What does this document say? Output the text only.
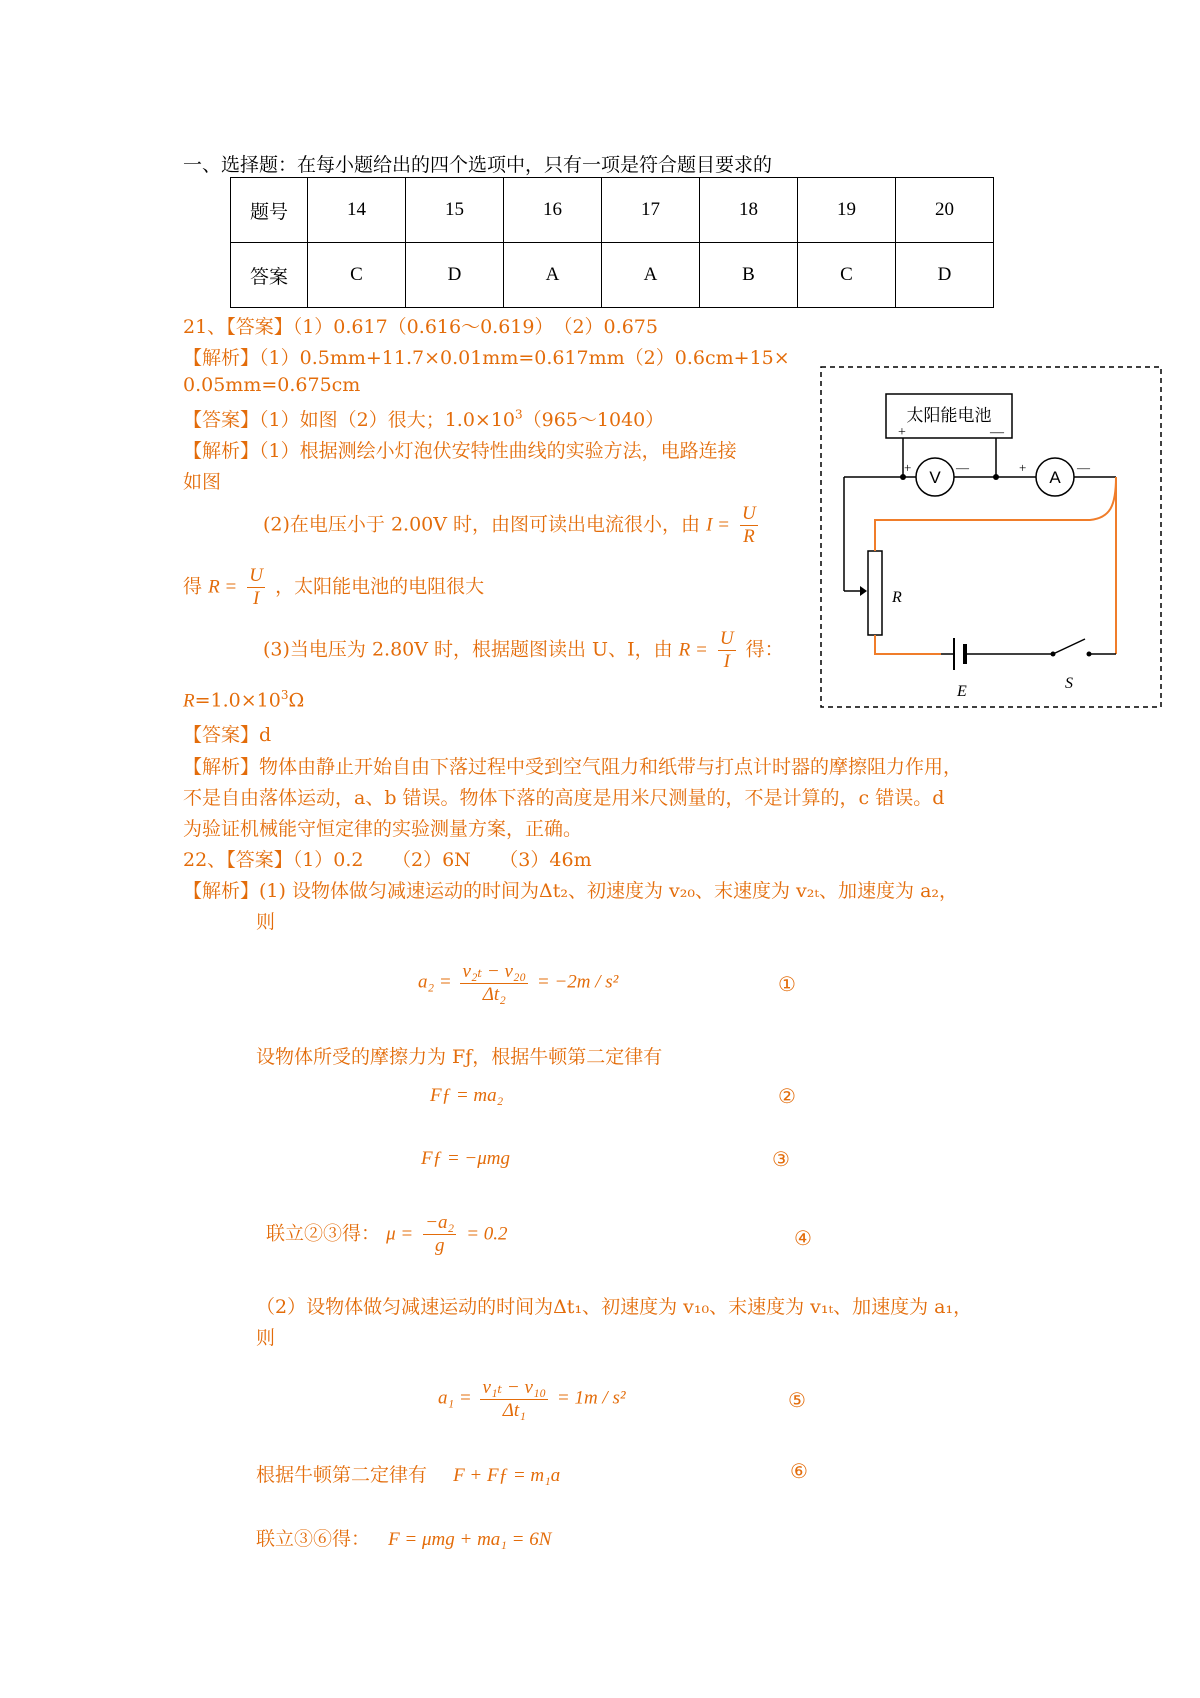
一、选择题：在每小题给出的四个选项中，只有一项是符合题目要求的
题号	14	15	16	17	18	19	20
答案	C	D	A	A	B	C	D
21、【答案】（1）0.617（0.616～0.619）　（2）0.675
【解析】（1）0.5mm+11.7×0.01mm=0.617mm（2）0.6cm+15×
0.05mm=0.675cm
【答案】（1）如图（2）很大；$1.0\times 10^3(965\sim 1040)$
【解析】（1）根据测绘小灯泡伏安特性曲线的实验方法，电路连接
如图
(2)在电压小于 2.00V 时，由图可读出电流很小，由 $I = \frac{U}{R}$
得 $R = \frac{U}{I}$ ，太阳能电池的电阻很大
(3)当电压为 2.80V 时，根据题图读出 U、I，由 $R = \frac{U}{I}$ 得：
$R=1.0\times 10^3\Omega$
【答案】d
【解析】物体由静止开始自由下落过程中受到空气阻力和纸带与打点计时器的摩擦阻力作用，
不是自由落体运动，a、b 错误。物体下落的高度是用米尺测量的，不是计算的，c 错误。d
为验证机械能守恒定律的实验测量方案，正确。
太阳能电池
+	—
V
+	—
A
+	—
R
E	S
22、【答案】（1）0.2　　（2）6N　　（3）46m
【解析】(1) 设物体做匀减速运动的时间为Δt₂、初速度为 v₂₀、末速度为 v₂ₜ、加速度为 a₂，
则
$a_2 = \frac{\text{v₂ₜ − v₂₀}}{\text{Δt₂}} = -2m / s^2$	①
设物体所受的摩擦力为 Fƒ，根据牛顿第二定律有
Fƒ = ma₂	②
Fƒ = −μmg	③
联立②③得： $\mu = \frac{\text{−a₂}}{g} = 0.2$	④
（2）设物体做匀减速运动的时间为Δt₁、初速度为 v₁₀、末速度为 v₁ₜ、加速度为 a₁，
则
$a_1 = \frac{\text{v₁ₜ − v₁₀}}{\text{Δt₁}} = 1m / s^2$	⑤
根据牛顿第二定律有 F + Fƒ = m₁ɑ	⑥
联立③⑥得： F = μmg + ma₁ = 6N
